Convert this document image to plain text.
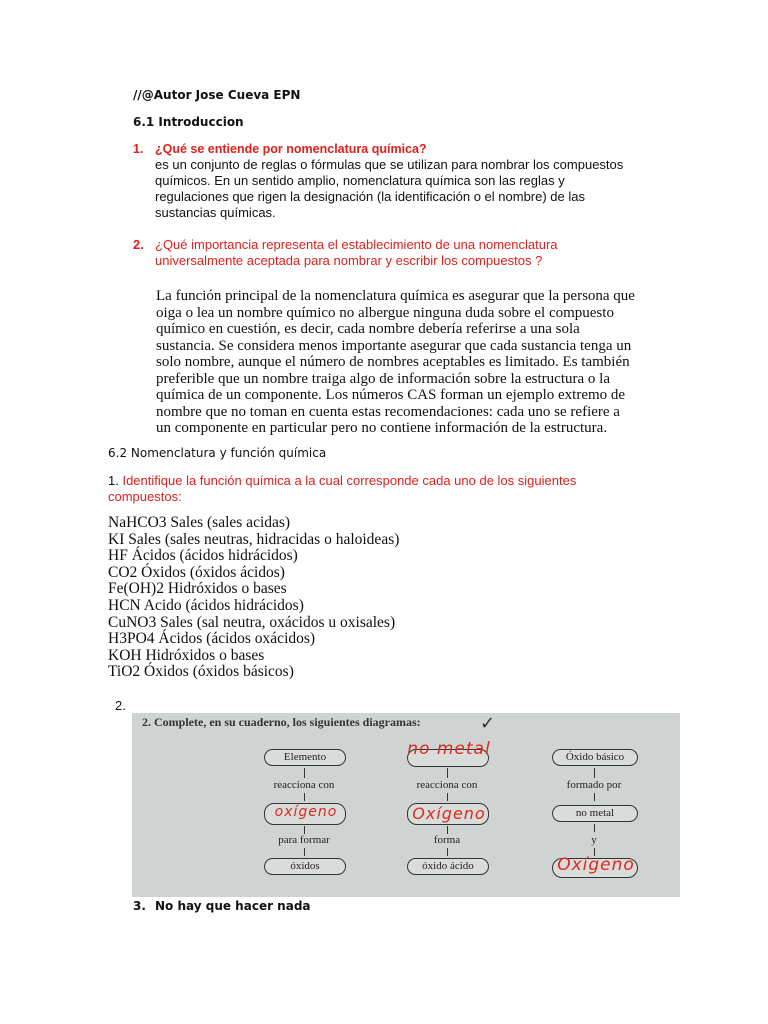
//@Autor Jose Cueva EPN
6.1 Introduccion
1. ¿Qué se entiende por nomenclatura química?
es un conjunto de reglas o fórmulas que se utilizan para nombrar los compuestos
químicos. En un sentido amplio, nomenclatura química son las reglas y
regulaciones que rigen la designación (la identificación o el nombre) de las
sustancias químicas.
2. ¿Qué importancia representa el establecimiento de una nomenclatura
universalmente aceptada para nombrar y escribir los compuestos ?
La función principal de la nomenclatura química es asegurar que la persona que
oiga o lea un nombre químico no albergue ninguna duda sobre el compuesto
químico en cuestión, es decir, cada nombre debería referirse a una sola
sustancia. Se considera menos importante asegurar que cada sustancia tenga un
solo nombre, aunque el número de nombres aceptables es limitado. Es también
preferible que un nombre traiga algo de información sobre la estructura o la
química de un componente. Los números CAS forman un ejemplo extremo de
nombre que no toman en cuenta estas recomendaciones: cada uno se refiere a
un componente en particular pero no contiene información de la estructura.
6.2 Nomenclatura y función química
1. Identifique la función química a la cual corresponde cada uno de los siguientes
compuestos:
NaHCO3 Sales (sales acidas)
KI Sales (sales neutras, hidracidas o haloideas)
HF Ácidos (ácidos hidrácidos)
CO2 Óxidos (óxidos ácidos)
Fe(OH)2 Hidróxidos o bases
HCN Acido (ácidos hidrácidos)
CuNO3 Sales (sal neutra, oxácidos u oxisales)
H3PO4 Ácidos (ácidos oxácidos)
KOH Hidróxidos o bases
TiO2 Óxidos (óxidos básicos)
2.
2. Complete, en su cuaderno, los siguientes diagramas:	✓
Elemento
reacciona con
oxígeno
para formar
óxidos
no metal
reacciona con
Oxígeno
forma
óxido ácido
Óxido básico
formado por
no metal
y
Oxígeno
3. No hay que hacer nada
